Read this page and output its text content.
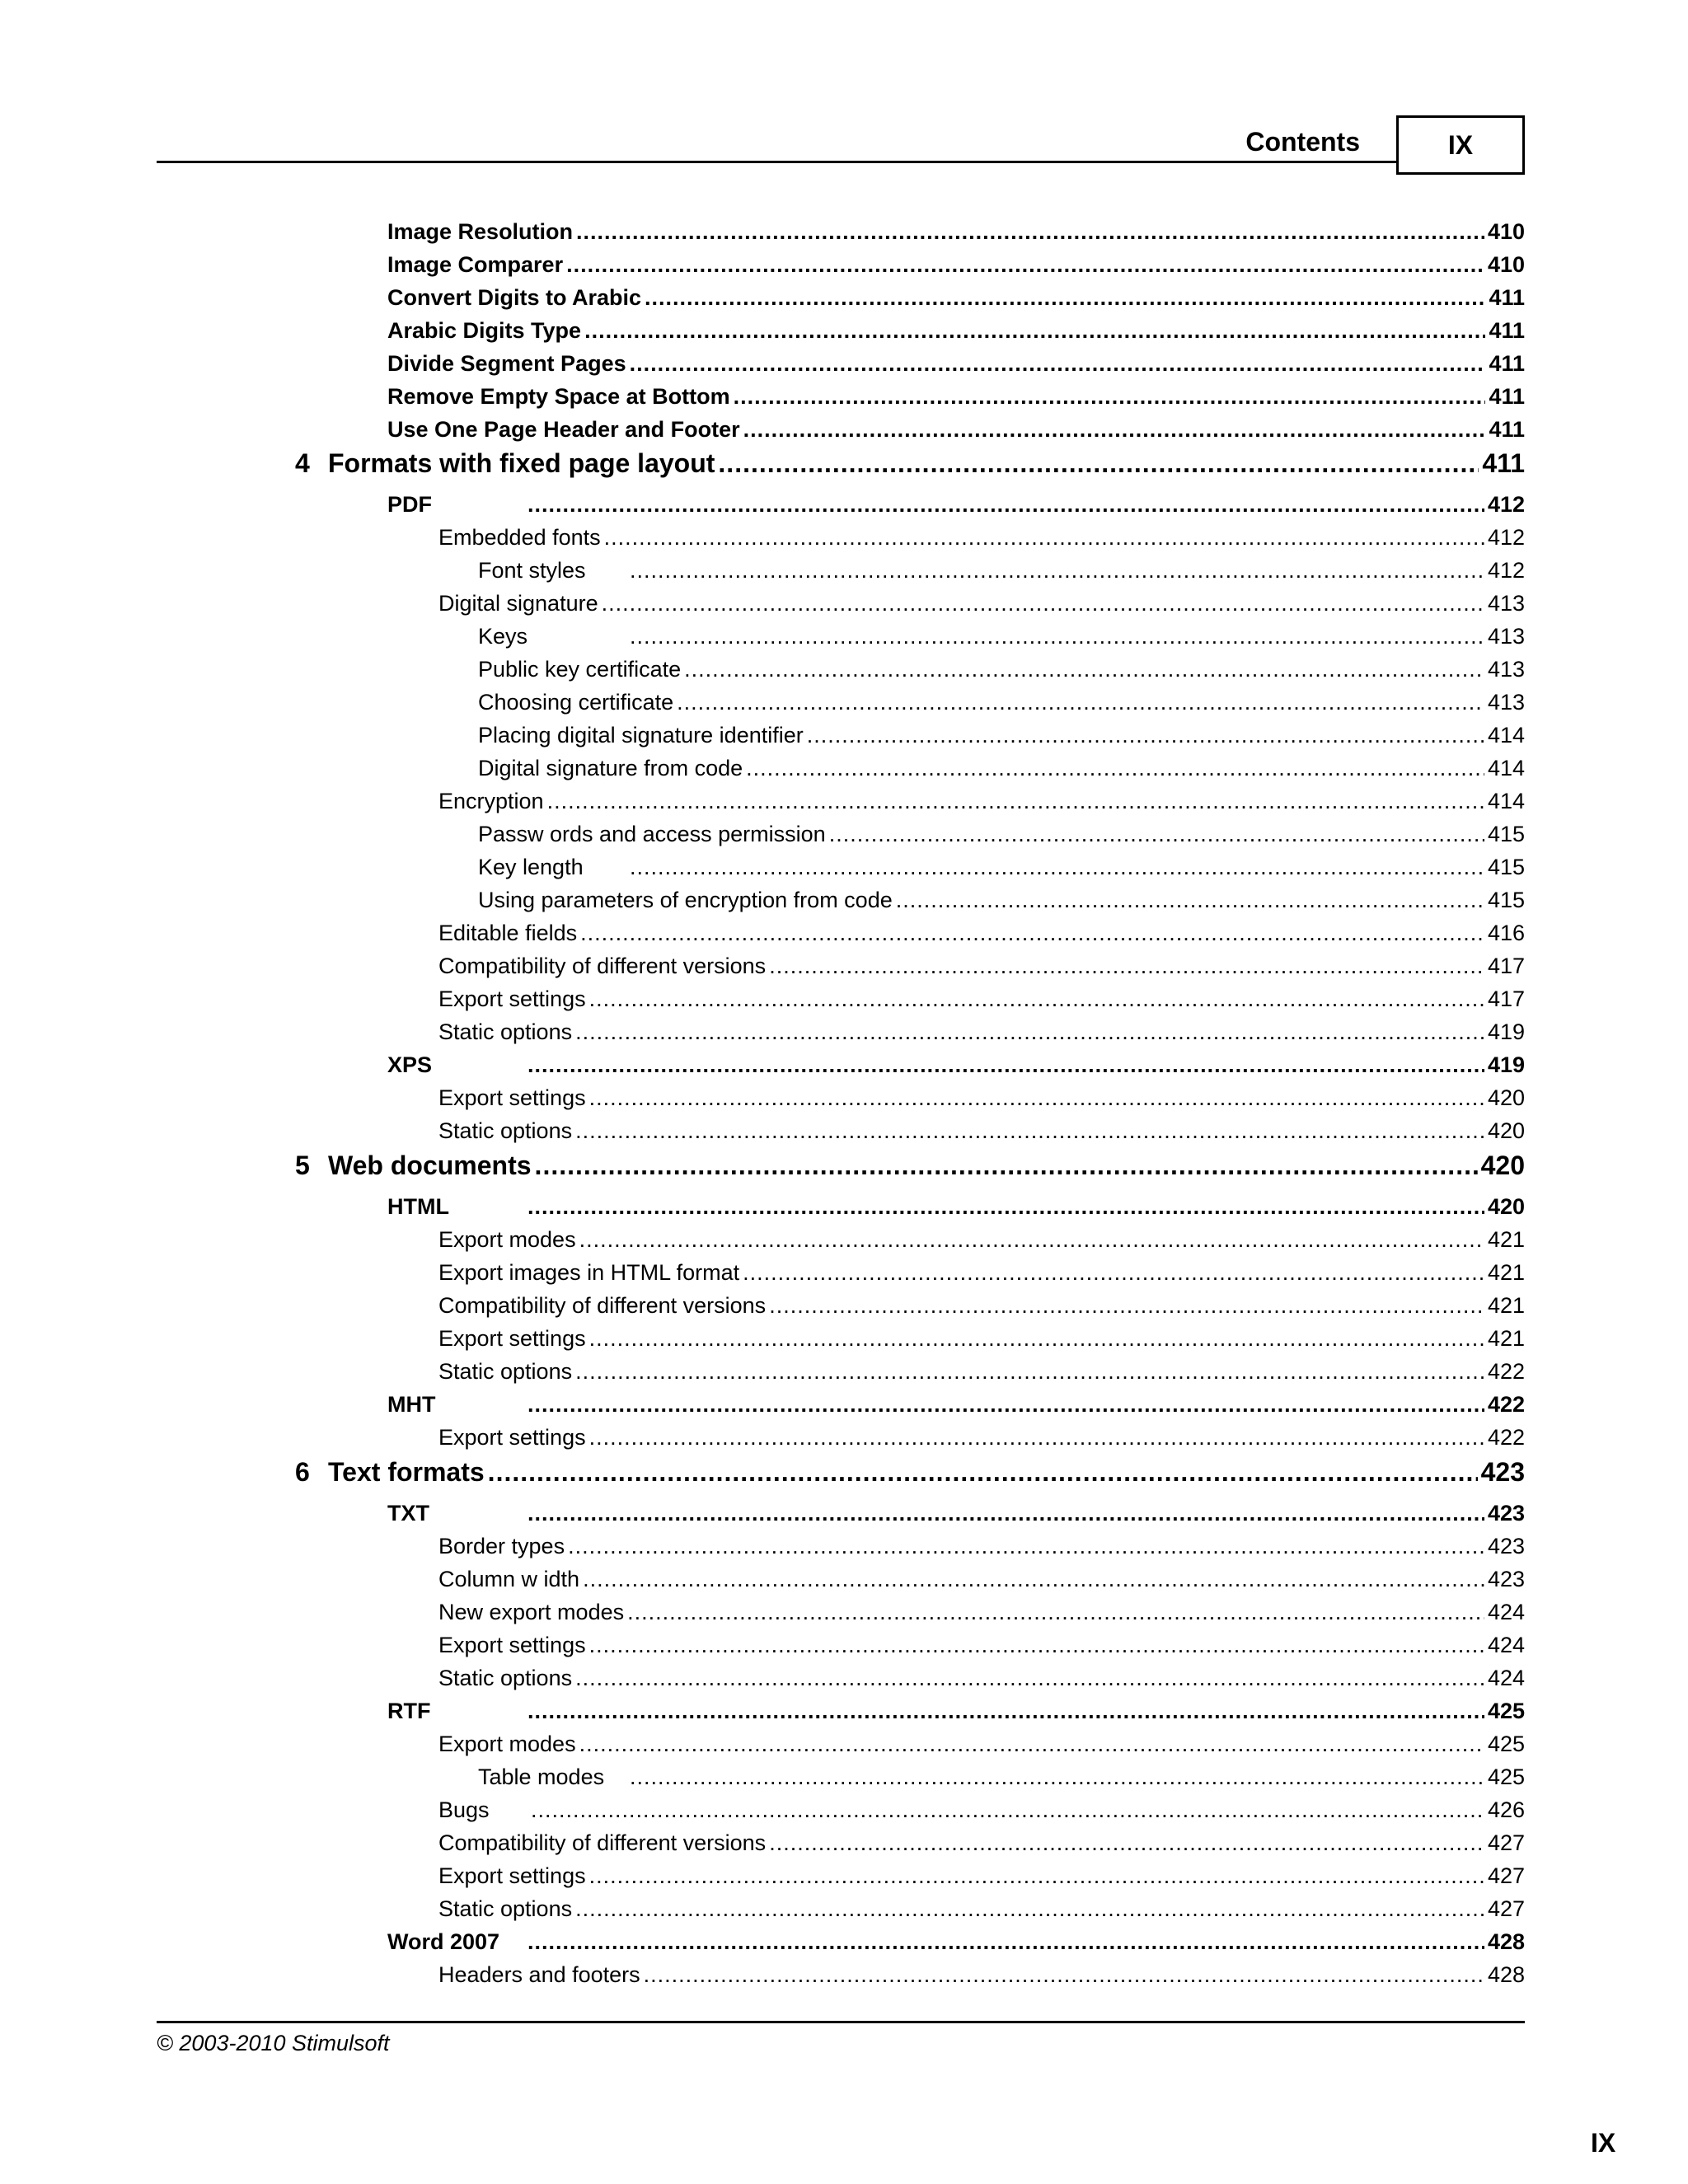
Contents	IX
Image Resolution .....	410
Image Comparer .....	410
Convert Digits to Arabic .....	411
Arabic Digits Type .....	411
Divide Segment Pages .....	411
Remove Empty Space at Bottom .....	411
Use One Page Header and Footer .....	411
4 Formats with fixed page layout .....	411
PDF .....	412
Embedded fonts .....	412
Font styles .....	412
Digital signature .....	413
Keys .....	413
Public key certificate .....	413
Choosing certificate .....	413
Placing digital signature identifier .....	414
Digital signature from code .....	414
Encryption .....	414
Passw ords and access permission .....	415
Key length .....	415
Using parameters of encryption from code .....	415
Editable fields .....	416
Compatibility of different versions .....	417
Export settings .....	417
Static options .....	419
XPS .....	419
Export settings .....	420
Static options .....	420
5 Web documents .....	420
HTML .....	420
Export modes .....	421
Export images in HTML format .....	421
Compatibility of different versions .....	421
Export settings .....	421
Static options .....	422
MHT .....	422
Export settings .....	422
6 Text formats .....	423
TXT .....	423
Border types .....	423
Column w idth .....	423
New export modes .....	424
Export settings .....	424
Static options .....	424
RTF .....	425
Export modes .....	425
Table modes .....	425
Bugs .....	426
Compatibility of different versions .....	427
Export settings .....	427
Static options .....	427
Word 2007 .....	428
Headers and footers .....	428
© 2003-2010 Stimulsoft
IX
